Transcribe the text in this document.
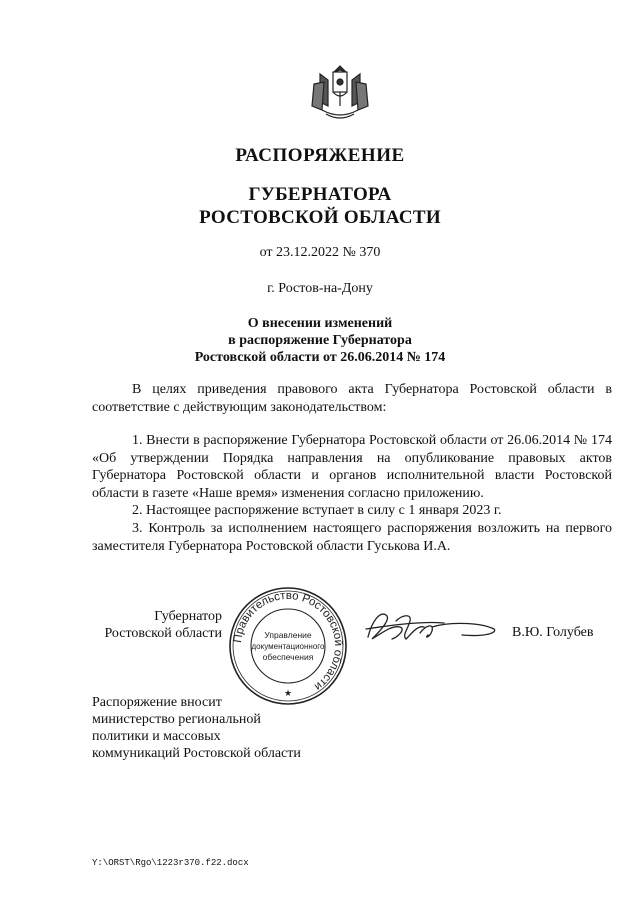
РАСПОРЯЖЕНИЕ
ГУБЕРНАТОРА
РОСТОВСКОЙ ОБЛАСТИ
от 23.12.2022 № 370
г. Ростов-на-Дону
О внесении изменений
в распоряжение Губернатора
Ростовской области от 26.06.2014 № 174
В целях приведения правового акта Губернатора Ростовской области в соответствие с действующим законодательством:
1. Внести в распоряжение Губернатора Ростовской области от 26.06.2014 № 174 «Об утверждении Порядка направления на опубликование правовых актов Губернатора Ростовской области и органов исполнительной власти Ростовской области в газете «Наше время» изменения согласно приложению.
2. Настоящее распоряжение вступает в силу с 1 января 2023 г.
3. Контроль за исполнением настоящего распоряжения возложить на первого заместителя Губернатора Ростовской области Гуськова И.А.
Губернатор
Ростовской области Правительство Ростовской области
Управление
документационного
обеспечения
★
В.Ю. Голубев
Распоряжение вносит
министерство региональной
политики и массовых
коммуникаций Ростовской области
Y:\ORST\Rgo\1223r370.f22.docx
